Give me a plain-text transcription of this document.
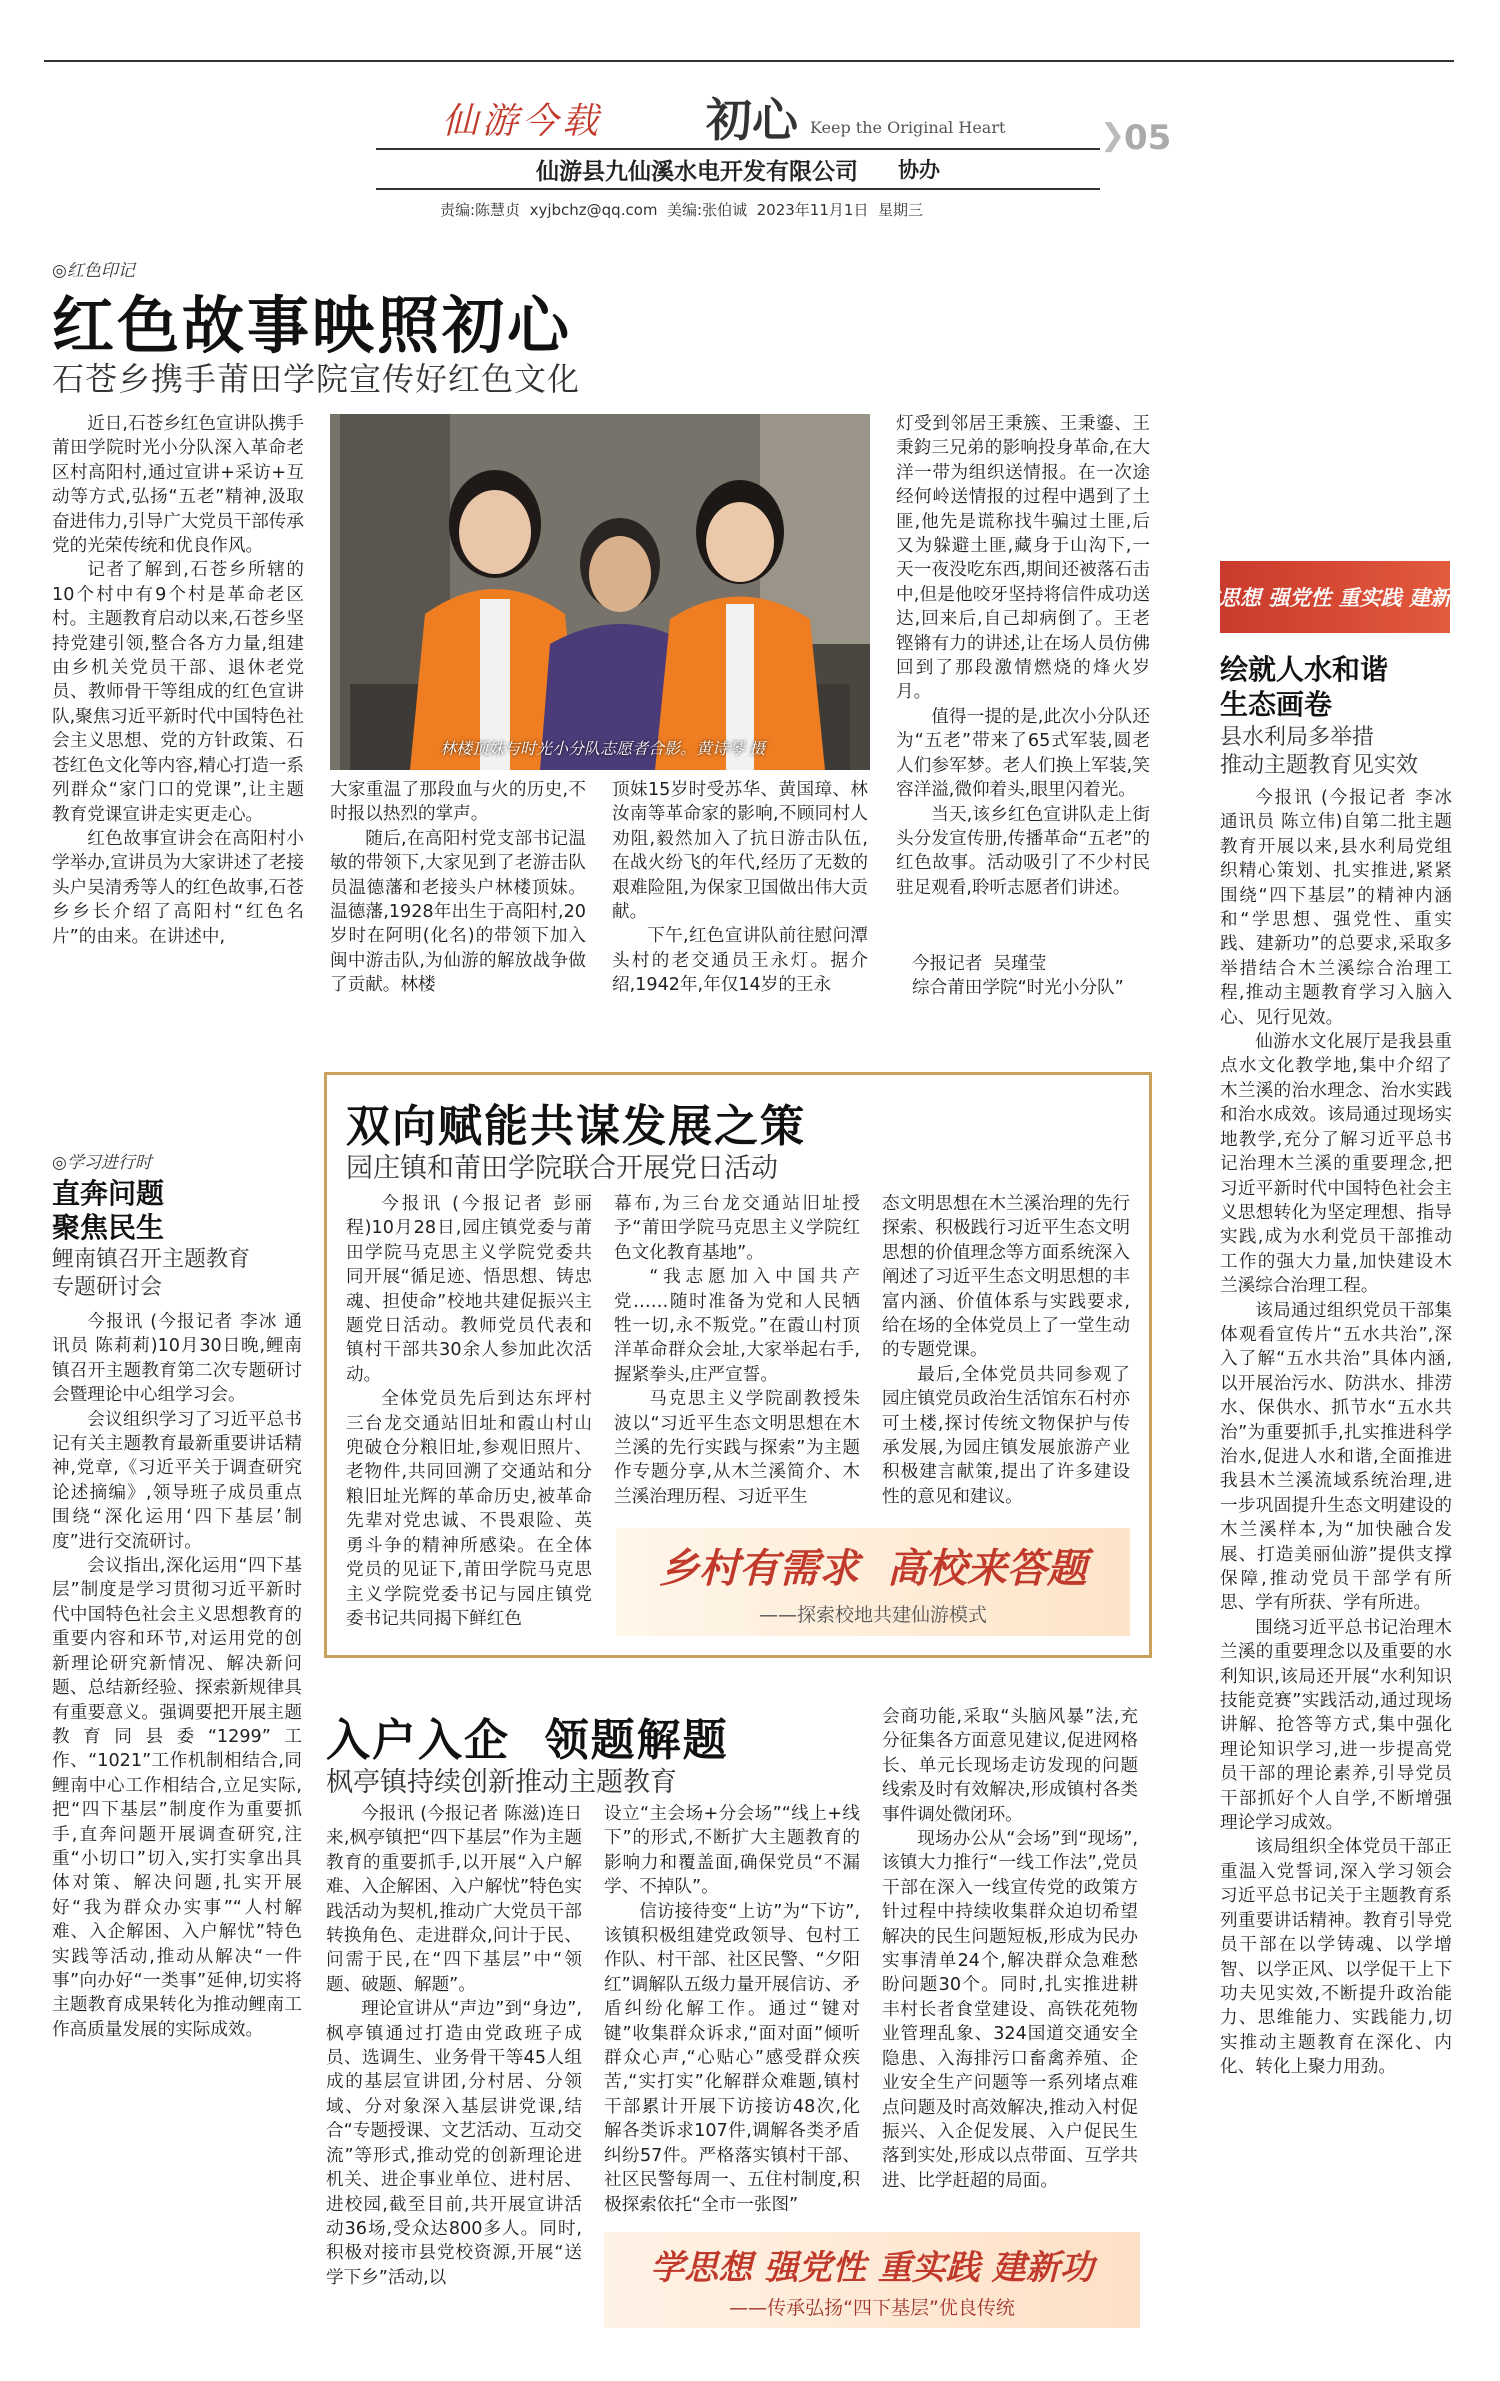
仙游今载 初心 Keep the Original Heart	❯
05
仙游县九仙溪水电开发有限公司 协办
责编:陈慧贞  xyjbchz@qq.com  美编:张伯诚  2023年11月1日  星期三
◎红色印记
红色故事映照初心
石苍乡携手莆田学院宣传好红色文化

近日,石苍乡红色宣讲队携手莆田学院时光小分队深入革命老区村高阳村,通过宣讲+采访+互动等方式,弘扬“五老”精神,汲取奋进伟力,引导广大党员干部传承党的光荣传统和优良作风。

记者了解到,石苍乡所辖的10个村中有9个村是革命老区村。主题教育启动以来,石苍乡坚持党建引领,整合各方力量,组建由乡机关党员干部、退休老党员、教师骨干等组成的红色宣讲队,聚焦习近平新时代中国特色社会主义思想、党的方针政策、石苍红色文化等内容,精心打造一系列群众“家门口的党课”,让主题教育党课宣讲走实更走心。

红色故事宣讲会在高阳村小学举办,宣讲员为大家讲述了老接头户吴清秀等人的红色故事,石苍乡乡长介绍了高阳村“红色名片”的由来。在讲述中,

林楼顶妹与时光小分队志愿者合影。黄诗琴 摄

大家重温了那段血与火的历史,不时报以热烈的掌声。

随后,在高阳村党支部书记温敏的带领下,大家见到了老游击队员温德藩和老接头户林楼顶妹。温德藩,1928年出生于高阳村,20岁时在阿明(化名)的带领下加入闽中游击队,为仙游的解放战争做了贡献。林楼

顶妹15岁时受苏华、黄国璋、林汝南等革命家的影响,不顾同村人劝阻,毅然加入了抗日游击队伍,在战火纷飞的年代,经历了无数的艰难险阻,为保家卫国做出伟大贡献。

下午,红色宣讲队前往慰问潭头村的老交通员王永灯。据介绍,1942年,年仅14岁的王永

灯受到邻居王秉簇、王秉鎏、王秉鈞三兄弟的影响投身革命,在大洋一带为组织送情报。在一次途经何岭送情报的过程中遇到了土匪,他先是谎称找牛骗过土匪,后又为躲避土匪,藏身于山沟下,一天一夜没吃东西,期间还被落石击中,但是他咬牙坚持将信件成功送达,回来后,自己却病倒了。王老铿锵有力的讲述,让在场人员仿佛回到了那段激情燃烧的烽火岁月。

值得一提的是,此次小分队还为“五老”带来了65式军装,圆老人们参军梦。老人们换上军装,笑容洋溢,微仰着头,眼里闪着光。

当天,该乡红色宣讲队走上街头分发宣传册,传播革命“五老”的红色故事。活动吸引了不少村民驻足观看,聆听志愿者们讲述。

今报记者  吴瑾莹
综合莆田学院“时光小分队”
学思想 强党性 重实践 建新功
绘就人水和谐
生态画卷
县水利局多举措
推动主题教育见实效

今报讯 (今报记者 李冰 通讯员 陈立伟)自第二批主题教育开展以来,县水利局党组织精心策划、扎实推进,紧紧围绕“四下基层”的精神内涵和“学思想、强党性、重实践、建新功”的总要求,采取多举措结合木兰溪综合治理工程,推动主题教育学习入脑入心、见行见效。

仙游水文化展厅是我县重点水文化教学地,集中介绍了木兰溪的治水理念、治水实践和治水成效。该局通过现场实地教学,充分了解习近平总书记治理木兰溪的重要理念,把习近平新时代中国特色社会主义思想转化为坚定理想、指导实践,成为水利党员干部推动工作的强大力量,加快建设木兰溪综合治理工程。

该局通过组织党员干部集体观看宣传片“五水共治”,深入了解“五水共治”具体内涵,以开展治污水、防洪水、排涝水、保供水、抓节水“五水共治”为重要抓手,扎实推进科学治水,促进人水和谐,全面推进我县木兰溪流域系统治理,进一步巩固提升生态文明建设的木兰溪样本,为“加快融合发展、打造美丽仙游”提供支撑保障,推动党员干部学有所思、学有所获、学有所进。

围绕习近平总书记治理木兰溪的重要理念以及重要的水利知识,该局还开展“水利知识技能竞赛”实践活动,通过现场讲解、抢答等方式,集中强化理论知识学习,进一步提高党员干部的理论素养,引导党员干部抓好个人自学,不断增强理论学习成效。

该局组织全体党员干部正重温入党誓词,深入学习领会习近平总书记关于主题教育系列重要讲话精神。教育引导党员干部在以学铸魂、以学增智、以学正风、以学促干上下功夫见实效,不断提升政治能力、思维能力、实践能力,切实推动主题教育在深化、内化、转化上聚力用劲。

双向赋能共谋发展之策
园庄镇和莆田学院联合开展党日活动

今报讯 (今报记者 彭丽程)10月28日,园庄镇党委与莆田学院马克思主义学院党委共同开展“循足迹、悟思想、铸忠魂、担使命”校地共建促振兴主题党日活动。教师党员代表和镇村干部共30余人参加此次活动。

全体党员先后到达东坪村三台龙交通站旧址和霞山村山兜破仓分粮旧址,参观旧照片、老物件,共同回溯了交通站和分粮旧址光辉的革命历史,被革命先辈对党忠诚、不畏艰险、英勇斗争的精神所感染。在全体党员的见证下,莆田学院马克思主义学院党委书记与园庄镇党委书记共同揭下鲜红色

幕布,为三台龙交通站旧址授予“莆田学院马克思主义学院红色文化教育基地”。

“我志愿加入中国共产党……随时准备为党和人民牺牲一切,永不叛党。”在霞山村顶洋革命群众会址,大家举起右手,握紧拳头,庄严宣誓。

马克思主义学院副教授朱波以“习近平生态文明思想在木兰溪的先行实践与探索”为主题作专题分享,从木兰溪简介、木兰溪治理历程、习近平生

态文明思想在木兰溪治理的先行探索、积极践行习近平生态文明思想的价值理念等方面系统深入阐述了习近平生态文明思想的丰富内涵、价值体系与实践要求,给在场的全体党员上了一堂生动的专题党课。

最后,全体党员共同参观了园庄镇党员政治生活馆东石村亦可土楼,探讨传统文物保护与传承发展,为园庄镇发展旅游产业积极建言献策,提出了许多建设性的意见和建议。

乡村有需求  高校来答题
——探索校地共建仙游模式
◎学习进行时
直奔问题
聚焦民生
鲤南镇召开主题教育
专题研讨会

今报讯 (今报记者 李冰 通讯员 陈莉莉)10月30日晚,鲤南镇召开主题教育第二次专题研讨会暨理论中心组学习会。

会议组织学习了习近平总书记有关主题教育最新重要讲话精神,党章,《习近平关于调查研究论述摘编》,领导班子成员重点围绕“深化运用‘四下基层’制度”进行交流研讨。

会议指出,深化运用“四下基层”制度是学习贯彻习近平新时代中国特色社会主义思想教育的重要内容和环节,对运用党的创新理论研究新情况、解决新问题、总结新经验、探索新规律具有重要意义。强调要把开展主题教育同县委“1299”工作、“1021”工作机制相结合,同鲤南中心工作相结合,立足实际,把“四下基层”制度作为重要抓手,直奔问题开展调查研究,注重“小切口”切入,实打实拿出具体对策、解决问题,扎实开展好“我为群众办实事”“人村解难、入企解困、入户解忧”特色实践等活动,推动从解决“一件事”向办好“一类事”延伸,切实将主题教育成果转化为推动鲤南工作高质量发展的实际成效。

入户入企  领题解题
枫亭镇持续创新推动主题教育

今报讯 (今报记者 陈滋)连日来,枫亭镇把“四下基层”作为主题教育的重要抓手,以开展“入户解难、入企解困、入户解忧”特色实践活动为契机,推动广大党员干部转换角色、走进群众,问计于民、问需于民,在“四下基层”中“领题、破题、解题”。

理论宣讲从“声边”到“身边”,枫亭镇通过打造由党政班子成员、选调生、业务骨干等45人组成的基层宣讲团,分村居、分领域、分对象深入基层讲党课,结合“专题授课、文艺活动、互动交流”等形式,推动党的创新理论进机关、进企事业单位、进村居、进校园,截至目前,共开展宣讲活动36场,受众达800多人。同时,积极对接市县党校资源,开展“送学下乡”活动,以

设立“主会场+分会场”“线上+线下”的形式,不断扩大主题教育的影响力和覆盖面,确保党员“不漏学、不掉队”。

信访接待变“上访”为“下访”,该镇积极组建党政领导、包村工作队、村干部、社区民警、“夕阳红”调解队五级力量开展信访、矛盾纠纷化解工作。通过“键对键”收集群众诉求,“面对面”倾听群众心声,“心贴心”感受群众疾苦,“实打实”化解群众难题,镇村干部累计开展下访接访48次,化解各类诉求107件,调解各类矛盾纠纷57件。严格落实镇村干部、社区民警每周一、五住村制度,积极探索依托“全市一张图”

会商功能,采取“头脑风暴”法,充分征集各方面意见建议,促进网格长、单元长现场走访发现的问题线索及时有效解决,形成镇村各类事件调处微闭环。

现场办公从“会场”到“现场”,该镇大力推行“一线工作法”,党员干部在深入一线宣传党的政策方针过程中持续收集群众迫切希望解决的民生问题短板,形成为民办实事清单24个,解决群众急难愁盼问题30个。同时,扎实推进耕丰村长者食堂建设、高铁花苑物业管理乱象、324国道交通安全隐患、入海排污口畜禽养殖、企业安全生产问题等一系列堵点难点问题及时高效解决,推动入村促振兴、入企促发展、入户促民生落到实处,形成以点带面、互学共进、比学赶超的局面。

学思想 强党性 重实践 建新功
——传承弘扬“四下基层”优良传统
